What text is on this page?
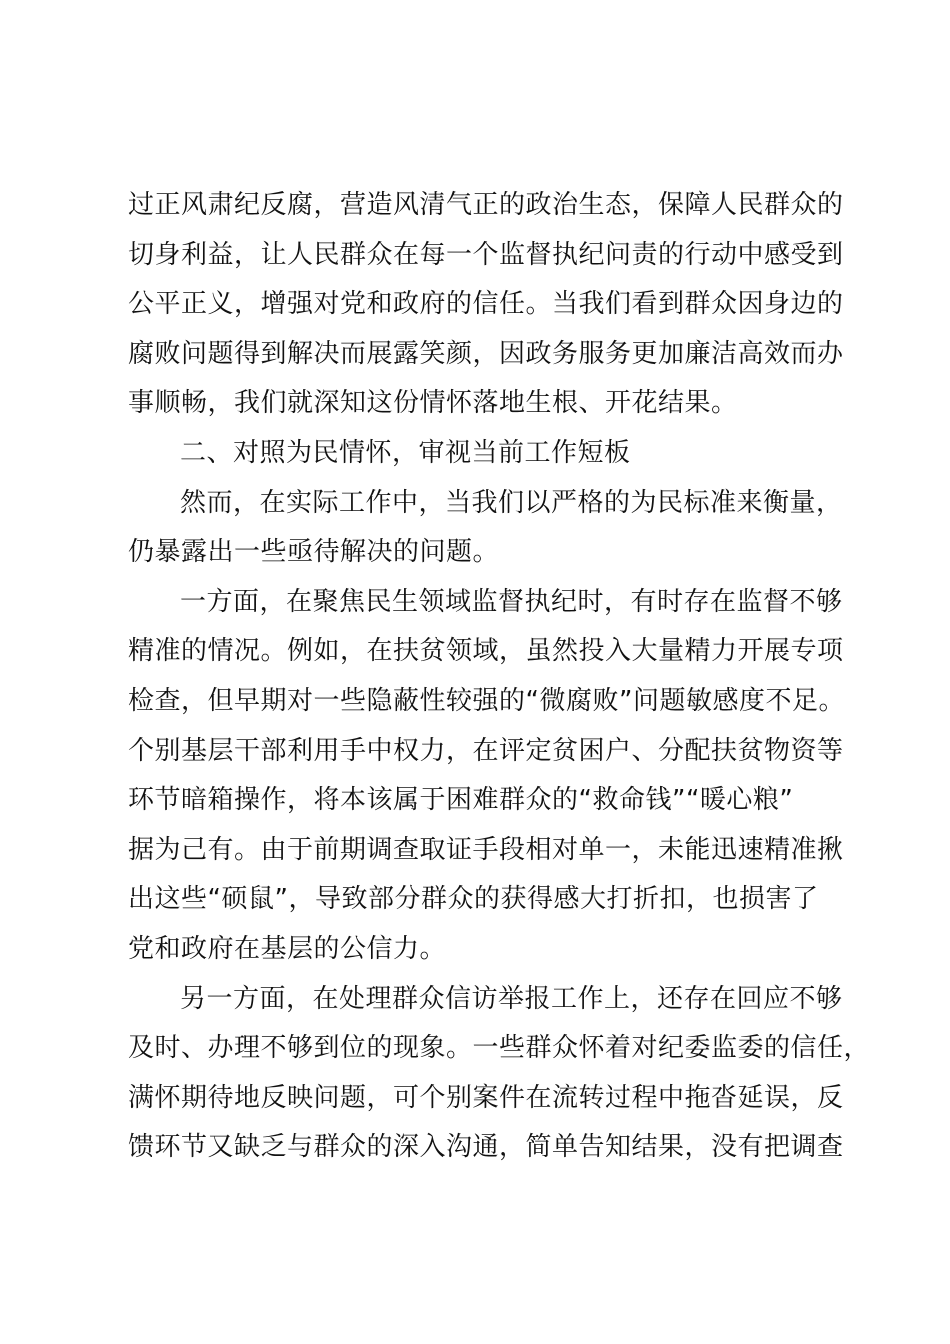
过正风肃纪反腐，营造风清气正的政治生态，保障人民群众的
切身利益，让人民群众在每一个监督执纪问责的行动中感受到
公平正义，增强对党和政府的信任。当我们看到群众因身边的
腐败问题得到解决而展露笑颜，因政务服务更加廉洁高效而办
事顺畅，我们就深知这份情怀落地生根、开花结果。
二、对照为民情怀，审视当前工作短板
然而，在实际工作中，当我们以严格的为民标准来衡量，
仍暴露出一些亟待解决的问题。
一方面，在聚焦民生领域监督执纪时，有时存在监督不够
精准的情况。例如，在扶贫领域，虽然投入大量精力开展专项
检查，但早期对一些隐蔽性较强的“微腐败”问题敏感度不足。
个别基层干部利用手中权力，在评定贫困户、分配扶贫物资等
环节暗箱操作，将本该属于困难群众的“救命钱”“暖心粮”
据为己有。由于前期调查取证手段相对单一，未能迅速精准揪
出这些“硕鼠”，导致部分群众的获得感大打折扣，也损害了
党和政府在基层的公信力。
另一方面，在处理群众信访举报工作上，还存在回应不够
及时、办理不够到位的现象。一些群众怀着对纪委监委的信任，
满怀期待地反映问题，可个别案件在流转过程中拖沓延误，反
馈环节又缺乏与群众的深入沟通，简单告知结果，没有把调查
